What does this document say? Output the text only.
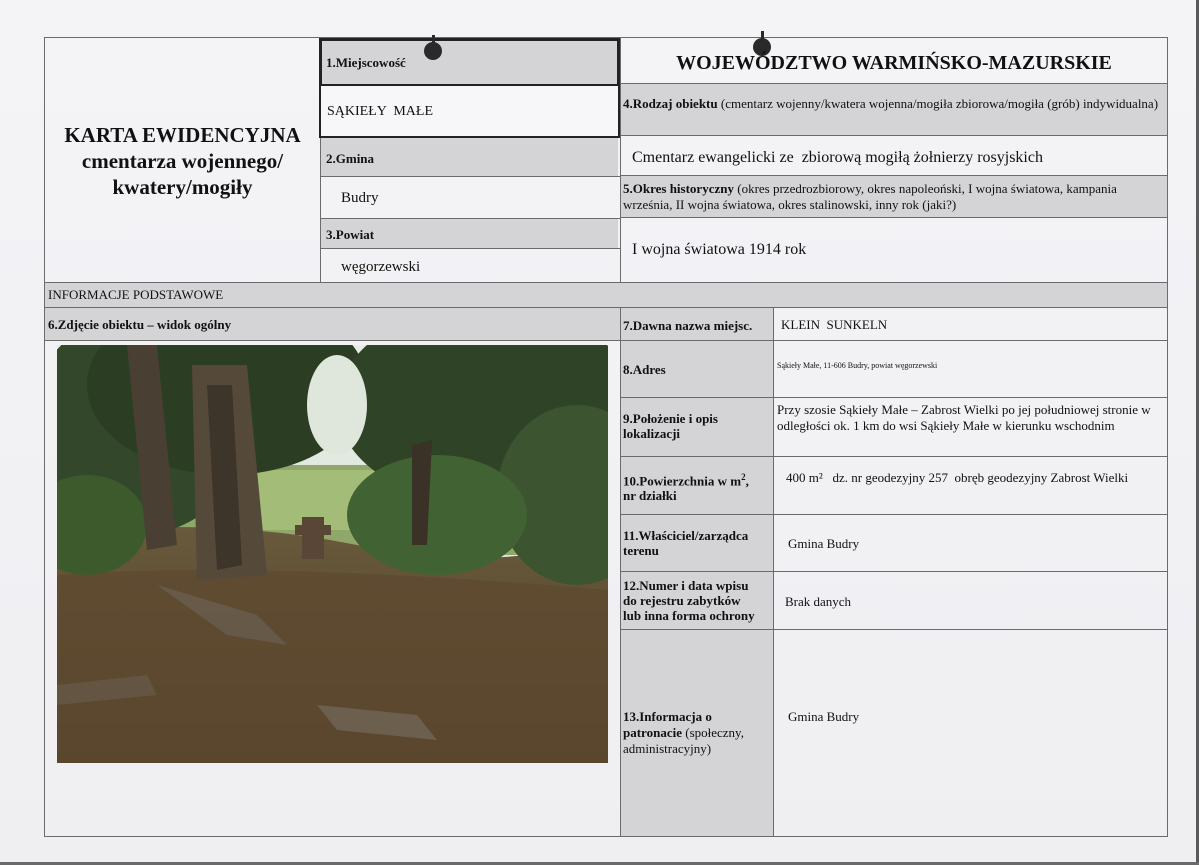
KARTA EWIDENCYJNA
cmentarza wojennego/
kwatery/mogiły
WOJEWÓDZTWO WARMIŃSKO-MAZURSKIE
1.Miejscowość
SĄKIEŁY  MAŁE
2.Gmina
Budry
3.Powiat
węgorzewski
4.Rodzaj obiektu (cmentarz wojenny/kwatera wojenna/mogiła zbiorowa/mogiła (grób) indywidualna)
Cmentarz ewangelicki ze  zbiorową mogiłą żołnierzy rosyjskich
5.Okres historyczny (okres przedrozbiorowy, okres napoleoński, I wojna światowa, kampania września, II wojna światowa, okres stalinowski, inny rok (jaki?)
I wojna światowa 1914 rok
INFORMACJE PODSTAWOWE
6.Zdjęcie obiektu – widok ogólny	7.Dawna nazwa miejsc. KLEIN  SUNKELN
8.Adres	Sąkiełу Małe, 11-606 Budry, powiat węgorzewski
9.Położenie i opis
lokalizacji
Przy szosie Sąkiełу Małe – Zabrost Wielki po jej południowej stronie w odległości ok. 1 km do wsi Sąkiełу Małe w kierunku wschodnim
10.Powierzchnia w $m^2$,
nr działki
400 m²   dz. nr geodezyjny 257  obręb geodezyjny Zabrost Wielki
11.Właściciel/zarządca
terenu	Gmina Budry
12.Numer i data wpisu
do rejestru zabytków
lub inna forma ochrony
Brak danych
13.Informacja o
patronacie (społeczny,
administracyjny)
Gmina Budry
